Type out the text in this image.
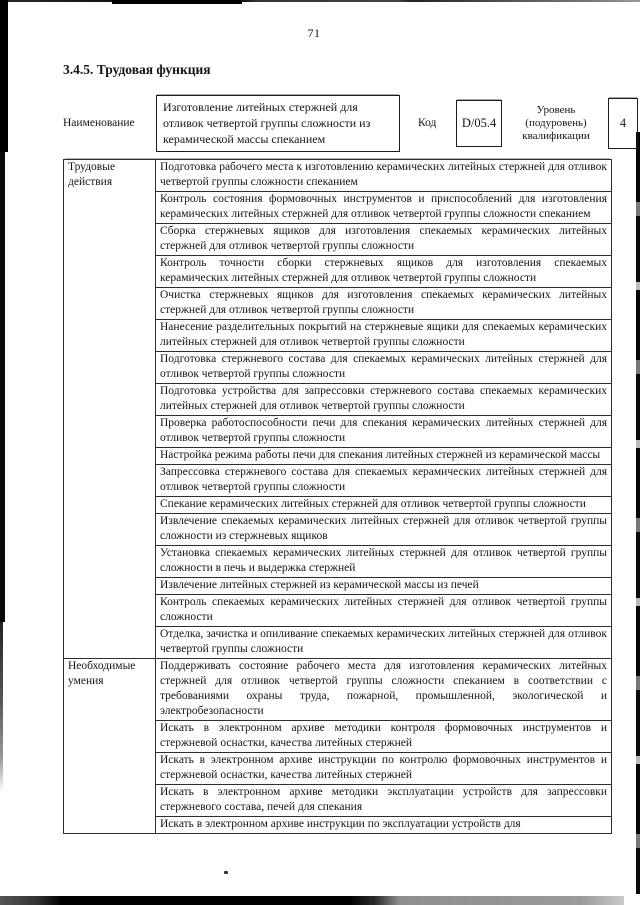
71
3.4.5. Трудовая функция
Наименование
Изготовление литейных стержней для отливок четвертой группы сложности из керамической массы спеканием
Код	D/05.4
Уровень (подуровень) квалификации
4
Трудовые действия	Подготовка рабочего места к изготовлению керамических литейных стержней для отливок четвертой группы сложности спеканием
	Контроль состояния формовочных инструментов и приспособлений для изготовления керамических литейных стержней для отливок четвертой группы сложности спеканием
	Сборка стержневых ящиков для изготовления спекаемых керамических литейных стержней для отливок четвертой группы сложности
	Контроль точности сборки стержневых ящиков для изготовления спекаемых керамических литейных стержней для отливок четвертой группы сложности
	Очистка стержневых ящиков для изготовления спекаемых керамических литейных стержней для отливок четвертой группы сложности
	Нанесение разделительных покрытий на стержневые ящики для спекаемых керамических литейных стержней для отливок четвертой группы сложности
	Подготовка стержневого состава для спекаемых керамических литейных стержней для отливок четвертой группы сложности
	Подготовка устройства для запрессовки стержневого состава спекаемых керамических литейных стержней для отливок четвертой группы сложности
	Проверка работоспособности печи для спекания керамических литейных стержней для отливок четвертой группы сложности
	Настройка режима работы печи для спекания литейных стержней из керамической массы
	Запрессовка стержневого состава для спекаемых керамических литейных стержней для отливок четвертой группы сложности
	Спекание керамических литейных стержней для отливок четвертой группы сложности
	Извлечение спекаемых керамических литейных стержней для отливок четвертой группы сложности из стержневых ящиков
	Установка спекаемых керамических литейных стержней для отливок четвертой группы сложности в печь и выдержка стержней
	Извлечение литейных стержней из керамической массы из печей
	Контроль спекаемых керамических литейных стержней для отливок четвертой группы сложности
	Отделка, зачистка и опиливание спекаемых керамических литейных стержней для отливок четвертой группы сложности
Необходимые умения	Поддерживать состояние рабочего места для изготовления керамических литейных стержней для отливок четвертой группы сложности спеканием в соответствии с требованиями охраны труда, пожарной, промышленной, экологической и электробезопасности
	Искать в электронном архиве методики контроля формовочных инструментов и стержневой оснастки, качества литейных стержней
	Искать в электронном архиве инструкции по контролю формовочных инструментов и стержневой оснастки, качества литейных стержней
	Искать в электронном архиве методики эксплуатации устройств для запрессовки стержневого состава, печей для спекания
	Искать в электронном архиве инструкции по эксплуатации устройств для
